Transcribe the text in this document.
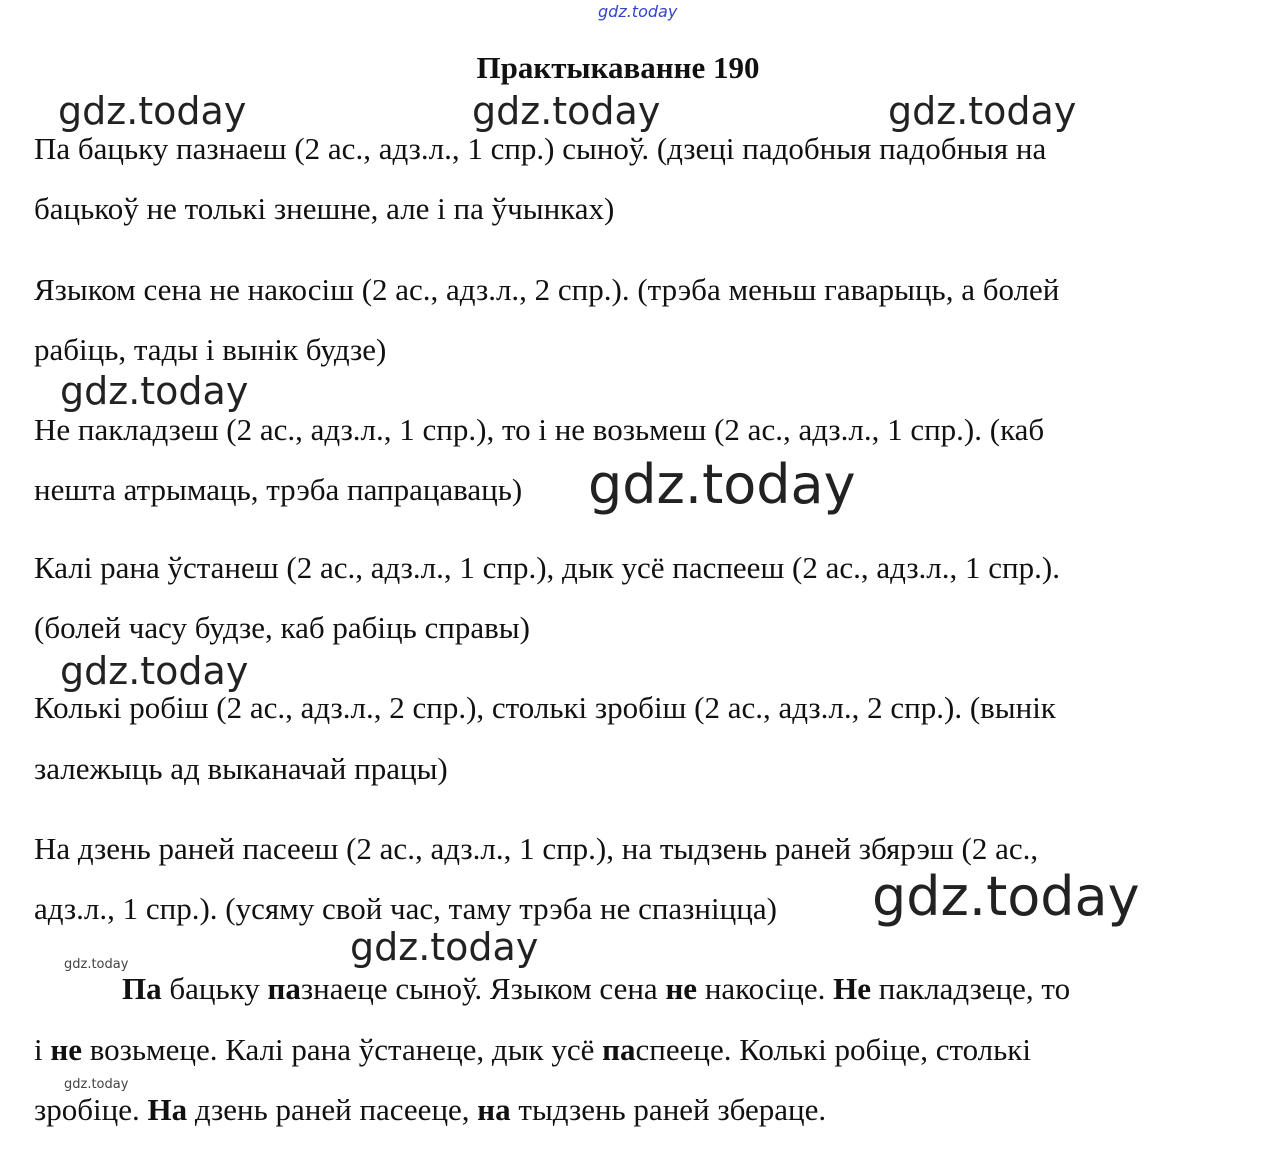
gdz.today
Практыкаванне 190
gdz.today	gdz.today	gdz.today
Па бацьку пазнаеш (2 ас., адз.л., 1 спр.) сыноў. (дзеці падобныя падобныя на
бацькоў не толькі знешне, але і па ўчынках)
Языком сена не накосіш (2 ас., адз.л., 2 спр.). (трэба меньш гаварыць, а болей
рабіць, тады і вынік будзе)
gdz.today
Не пакладзеш (2 ас., адз.л., 1 спр.), то і не возьмеш (2 ас., адз.л., 1 спр.). (каб
нешта атрымаць, трэба папрацаваць) gdz.today
Калі рана ўстанеш (2 ас., адз.л., 1 спр.), дык усё паспееш (2 ас., адз.л., 1 спр.).
(болей часу будзе, каб рабіць справы)
gdz.today
Колькі робіш (2 ас., адз.л., 2 спр.), столькі зробіш (2 ас., адз.л., 2 спр.). (вынік
залежыць ад выканачай працы)
На дзень раней пасееш (2 ас., адз.л., 1 спр.), на тыдзень раней збярэш (2 ас.,
адз.л., 1 спр.). (усяму свой час, таму трэба не спазніцца) gdz.today
gdz.today
gdz.today
Па бацьку пазнаеце сыноў. Языком сена не накосіце. Не пакладзеце, то
і не возьмеце. Калі рана ўстанеце, дык усё паспееце. Колькі робіце, столькі
зробіце. На дзень раней пасееце, на тыдзень раней збераце.
gdz.today
